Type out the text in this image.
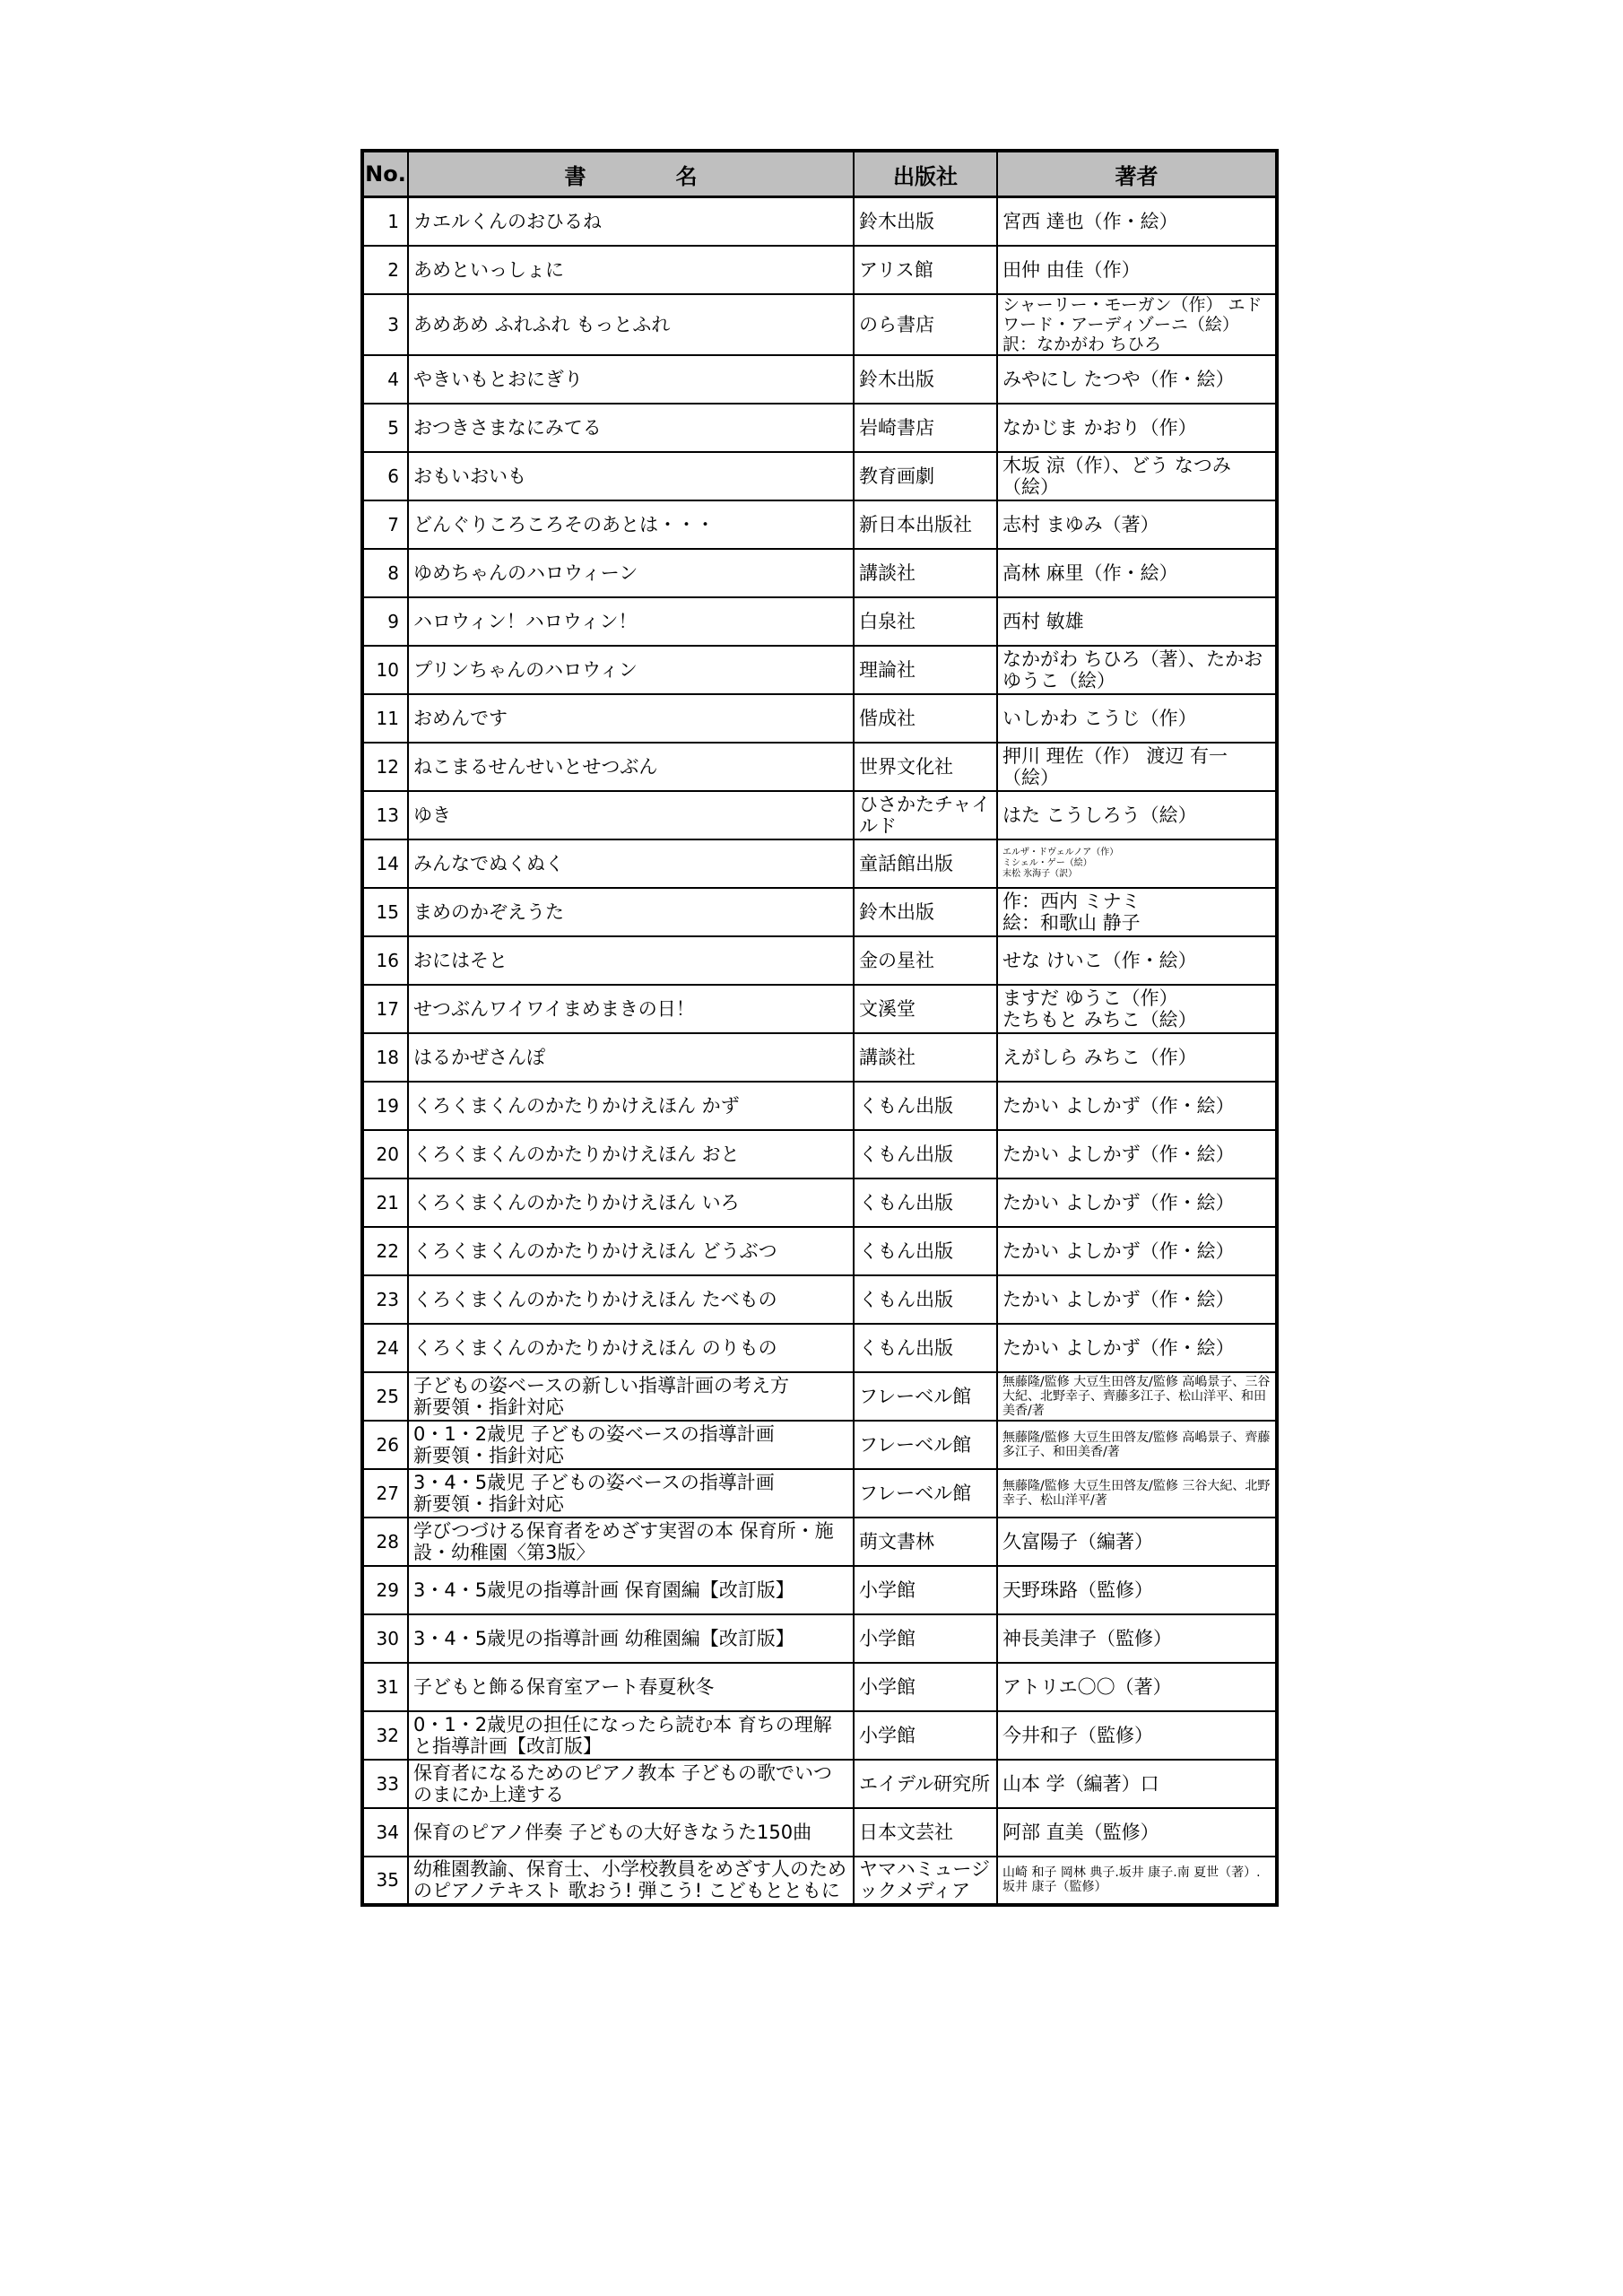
No.	書名	出版社	著者
1	カエルくんのおひるね	鈴木出版	宮西 達也（作・絵）
2	あめといっしょに	アリス館	田仲 由佳（作）
3	あめあめ ふれふれ もっとふれ	のら書店	シャーリー・モーガン（作） エドワード・アーディゾーニ（絵）
訳：なかがわ ちひろ
4	やきいもとおにぎり	鈴木出版	みやにし たつや（作・絵）
5	おつきさまなにみてる	岩崎書店	なかじま かおり（作）
6	おもいおいも	教育画劇	木坂 涼（作）、どう なつみ（絵）
7	どんぐりころころそのあとは・・・	新日本出版社	志村 まゆみ（著）
8	ゆめちゃんのハロウィーン	講談社	高林 麻里（作・絵）
9	ハロウィン！ハロウィン！	白泉社	西村 敏雄
10	プリンちゃんのハロウィン	理論社	なかがわ ちひろ（著）、たかお ゆうこ（絵）
11	おめんです	偕成社	いしかわ こうじ（作）
12	ねこまるせんせいとせつぶん	世界文化社	押川 理佐（作） 渡辺 有一（絵）
13	ゆき	ひさかたチャイルド	はた こうしろう（絵）
14	みんなでぬくぬく	童話館出版	エルザ・ドヴェルノア（作）
ミシェル・ゲー（絵）
末松 氷海子（訳）
15	まめのかぞえうた	鈴木出版	作：西内 ミナミ
絵：和歌山 静子
16	おにはそと	金の星社	せな けいこ（作・絵）
17	せつぶんワイワイまめまきの日！	文溪堂	ますだ ゆうこ（作）
たちもと みちこ（絵）
18	はるかぜさんぽ	講談社	えがしら みちこ（作）
19	くろくまくんのかたりかけえほん かず	くもん出版	たかい よしかず（作・絵）
20	くろくまくんのかたりかけえほん おと	くもん出版	たかい よしかず（作・絵）
21	くろくまくんのかたりかけえほん いろ	くもん出版	たかい よしかず（作・絵）
22	くろくまくんのかたりかけえほん どうぶつ	くもん出版	たかい よしかず（作・絵）
23	くろくまくんのかたりかけえほん たべもの	くもん出版	たかい よしかず（作・絵）
24	くろくまくんのかたりかけえほん のりもの	くもん出版	たかい よしかず（作・絵）
25	子どもの姿ベースの新しい指導計画の考え方
新要領・指針対応	フレーベル館	無藤隆/監修 大豆生田啓友/監修 高嶋景子、三谷大紀、北野幸子、齊藤多江子、松山洋平、和田美香/著
26	0・1・2歳児 子どもの姿ベースの指導計画
新要領・指針対応	フレーベル館	無藤隆/監修 大豆生田啓友/監修 高嶋景子、齊藤多江子、和田美香/著
27	3・4・5歳児 子どもの姿ベースの指導計画
新要領・指針対応	フレーベル館	無藤隆/監修 大豆生田啓友/監修 三谷大紀、北野幸子、松山洋平/著
28	学びつづける保育者をめざす実習の本 保育所・施設・幼稚園〈第3版〉	萌文書林	久富陽子（編著）
29	3・4・5歳児の指導計画 保育園編【改訂版】	小学館	天野珠路（監修）
30	3・4・5歳児の指導計画 幼稚園編【改訂版】	小学館	神長美津子（監修）
31	子どもと飾る保育室アート春夏秋冬	小学館	アトリエ〇〇（著）
32	0・1・2歳児の担任になったら読む本 育ちの理解と指導計画【改訂版】	小学館	今井和子（監修）
33	保育者になるためのピアノ教本 子どもの歌でいつのまにか上達する	エイデル研究所	山本 学（編著）口
34	保育のピアノ伴奏 子どもの大好きなうた150曲	日本文芸社	阿部 直美（監修）
35	幼稚園教諭、保育士、小学校教員をめざす人のためのピアノテキスト 歌おう! 弾こう! こどもとともに	ヤマハミュージックメディア	山崎 和子 岡林 典子.坂井 康子.南 夏世（著）. 坂井 康子（監修）
